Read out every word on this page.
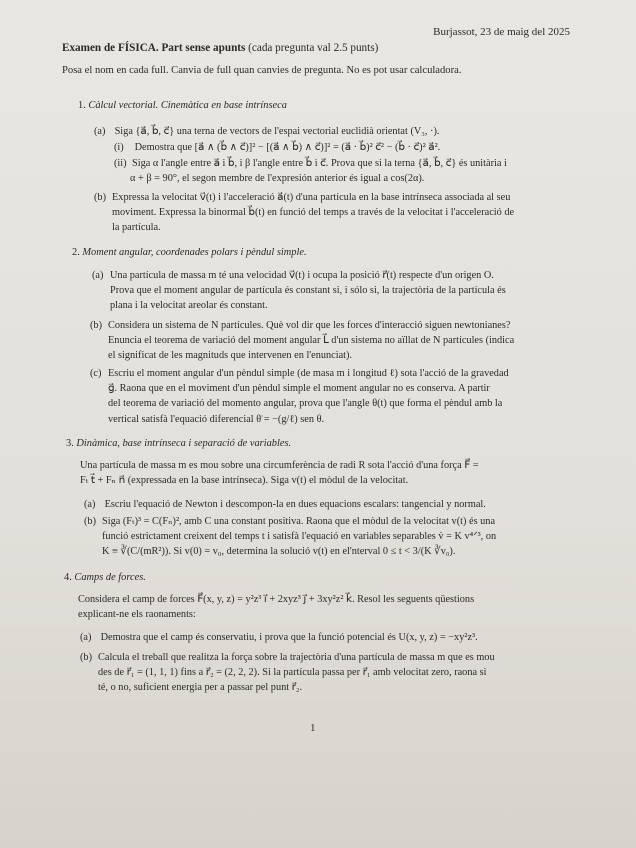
Burjassot, 23 de maig del 2025
Examen de FÍSICA. Part sense apunts (cada pregunta val 2.5 punts)
Posa el nom en cada full. Canvia de full quan canvies de pregunta. No es pot usar calculadora.
1. Càlcul vectorial. Cinemàtica en base intrínseca
(a) Siga {a⃗, b⃗, c⃗} una terna de vectors de l'espai vectorial euclidià orientat (V₃, ·).
(i) Demostra que [a⃗ ∧ (b⃗ ∧ c⃗)]² − [(a⃗ ∧ b⃗) ∧ c⃗)]² = (a⃗ · b⃗)² c⃗² − (b⃗ · c⃗)² a⃗².
(ii) Siga α l'angle entre a⃗ i b⃗, i β l'angle entre b⃗ i c⃗. Prova que si la terna {a⃗, b⃗, c⃗} és unitària i
α + β = 90°, el segon membre de l'expresión anterior és igual a cos(2α).
(b) Expressa la velocitat v⃗(t) i l'acceleració a⃗(t) d'una partícula en la base intrínseca associada al seu
moviment. Expressa la binormal b⃗(t) en funció del temps a través de la velocitat i l'acceleració de
la partícula.
2. Moment angular, coordenades polars i pèndul simple.
(a) Una partícula de massa m té una velocidad v⃗(t) i ocupa la posició r⃗(t) respecte d'un origen O.
Prova que el moment angular de partícula és constant si, i sólo si, la trajectòria de la partícula és
plana i la velocitat areolar és constant.
(b) Considera un sistema de N partícules. Què vol dir que les forces d'interacció siguen newtonianes?
Enuncia el teorema de variació del moment angular L⃗ d'un sistema no aïllat de N partícules (indica
el significat de les magnituds que intervenen en l'enunciat).
(c) Escriu el moment angular d'un pèndul simple (de masa m i longitud ℓ) sota l'acció de la gravedad
g⃗. Raona que en el moviment d'un pèndul simple el moment angular no es conserva. A partir
del teorema de variació del momento angular, prova que l'angle θ(t) que forma el pèndul amb la
vertical satisfà l'equació diferencial θ̈ = −(g/ℓ) sen θ.
3. Dinàmica, base intrínseca i separació de variables.
Una partícula de massa m es mou sobre una circumferència de radi R sota l'acció d'una força F⃗ =
Fₜ t⃗ + Fₙ n⃗ (expressada en la base intrínseca). Siga v(t) el mòdul de la velocitat.
(a) Escriu l'equació de Newton i descompon-la en dues equacions escalars: tangencial y normal.
(b) Siga (Fₜ)³ = C(Fₙ)², amb C una constant positiva. Raona que el mòdul de la velocitat v(t) és una
funció estrictament creixent del temps t i satisfà l'equació en variables separables v̇ = K v⁴ᐟ³, on
K ≡ ∛(C/(mR²)). Si v(0) = v₀, determina la solució v(t) en el'nterval 0 ≤ t < 3/(K ∛v₀).
4. Camps de forces.
Considera el camp de forces F⃗(x, y, z) = y²z³ i⃗ + 2xyz³ j⃗ + 3xy²z² k⃗. Resol les seguents qüestions
explicant-ne els raonaments:
(a) Demostra que el camp és conservatiu, i prova que la funció potencial és U(x, y, z) = −xy²z³.
(b) Calcula el treball que realitza la força sobre la trajectòria d'una partícula de massa m que es mou
des de r⃗₁ = (1, 1, 1) fins a r⃗₂ = (2, 2, 2). Si la partícula passa per r⃗₁ amb velocitat zero, raona si
té, o no, suficient energia per a passar pel punt r⃗₂.
1
